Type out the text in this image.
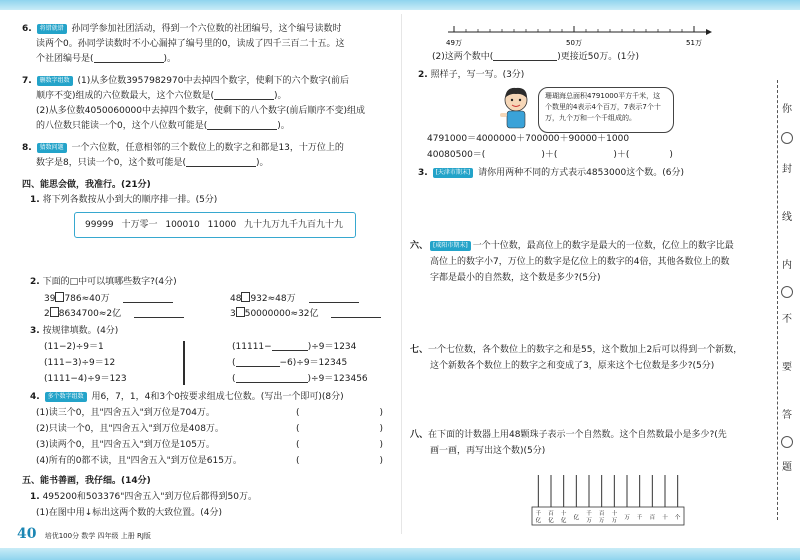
6. 将错就错 孙同学参加社团活动，得到一个六位数的社团编号，这个编号读数时
读两个0。孙同学读数时不小心漏掉了编号里的0，读成了四千三百二十五。这
个社团编号是(	)。
7. 删数字组数 (1)从多位数3957982970中去掉四个数字，使剩下的六个数字(前后
顺序不变)组成的六位数最大，这个六位数是(	)。
(2)从多位数4050060000中去掉四个数字，使剩下的八个数字(前后顺序不变)组成
的八位数只能读一个0，这个八位数可能是(	)。
8. 猜数问题 一个六位数，任意相邻的三个数位上的数字之和都是13，十万位上的
数字是8，只读一个0，这个数可能是(	)。
四、能思会做，我准行。(21分)
1. 将下列各数按从小到大的顺序排一排。(5分)
99999 十万零一 100010 11000 九十九万九千九百九十九
2. 下面的□中可以填哪些数字?(4分)
39 786≈40万	48 932≈48万
2 8634700≈2亿	3 50000000≈32亿
3. 按规律填数。(4分)
(11−2)÷9＝1
(111−3)÷9＝12
(1111−4)÷9＝123
(11111−	)÷9＝1234
(	−6)÷9＝12345
(	)÷9＝123456
4. 多个数字组数 用6，7，1，4和3个0按要求组成七位数。(写出一个即可)(8分)
(1)读三个0，且"四舍五入"到万位是704万。
(2)只读一个0，且"四舍五入"到万位是408万。
(3)读两个0，且"四舍五入"到万位是105万。
(4)所有的0都不读，且"四舍五入"到万位是615万。
(	)
(	)
(	)
(	)
五、能书善画，我仔细。(14分)
1. 495200和503376"四舍五入"到万位后都得到50万。
(1)在图中用↓标出这两个数的大致位置。(4分)
40 培优100分 数学 四年级 上册 RJ版
49万	50万	51万
(2)这两个数中(	)更接近50万。(1分)
2. 照样子，写一写。(3分)
珊瑚海总面积4791000平方千米，这个数里的4表示4个百万，7表示7个十万，九个万和一个千组成的。
4791000＝4000000＋700000＋90000＋1000
40080500＝(	)＋(	)＋(	)
3. [天津市期末] 请你用两种不同的方式表示4853000这个数。(6分)
六、 [咸阳市期末] 一个十位数，最高位上的数字是最大的一位数，亿位上的数字比最
高位上的数字小7，万位上的数字是亿位上的数字的4倍，其他各数位上的数
字都是最小的自然数，这个数是多少?(5分)
七、一个七位数，各个数位上的数字之和是55，这个数加上2后可以得到一个新数，
这个新数各个数位上的数字之和变成了3，原来这个七位数是多少?(5分)
八、在下面的计数器上用48颗珠子表示一个自然数。这个自然数最小是多少?(先
画一画，再写出这个数)(5分)
千亿
百亿
十亿 亿
千万
百万
十万 万 千 百 十 个
你
封
线
内
不
要
答
题
